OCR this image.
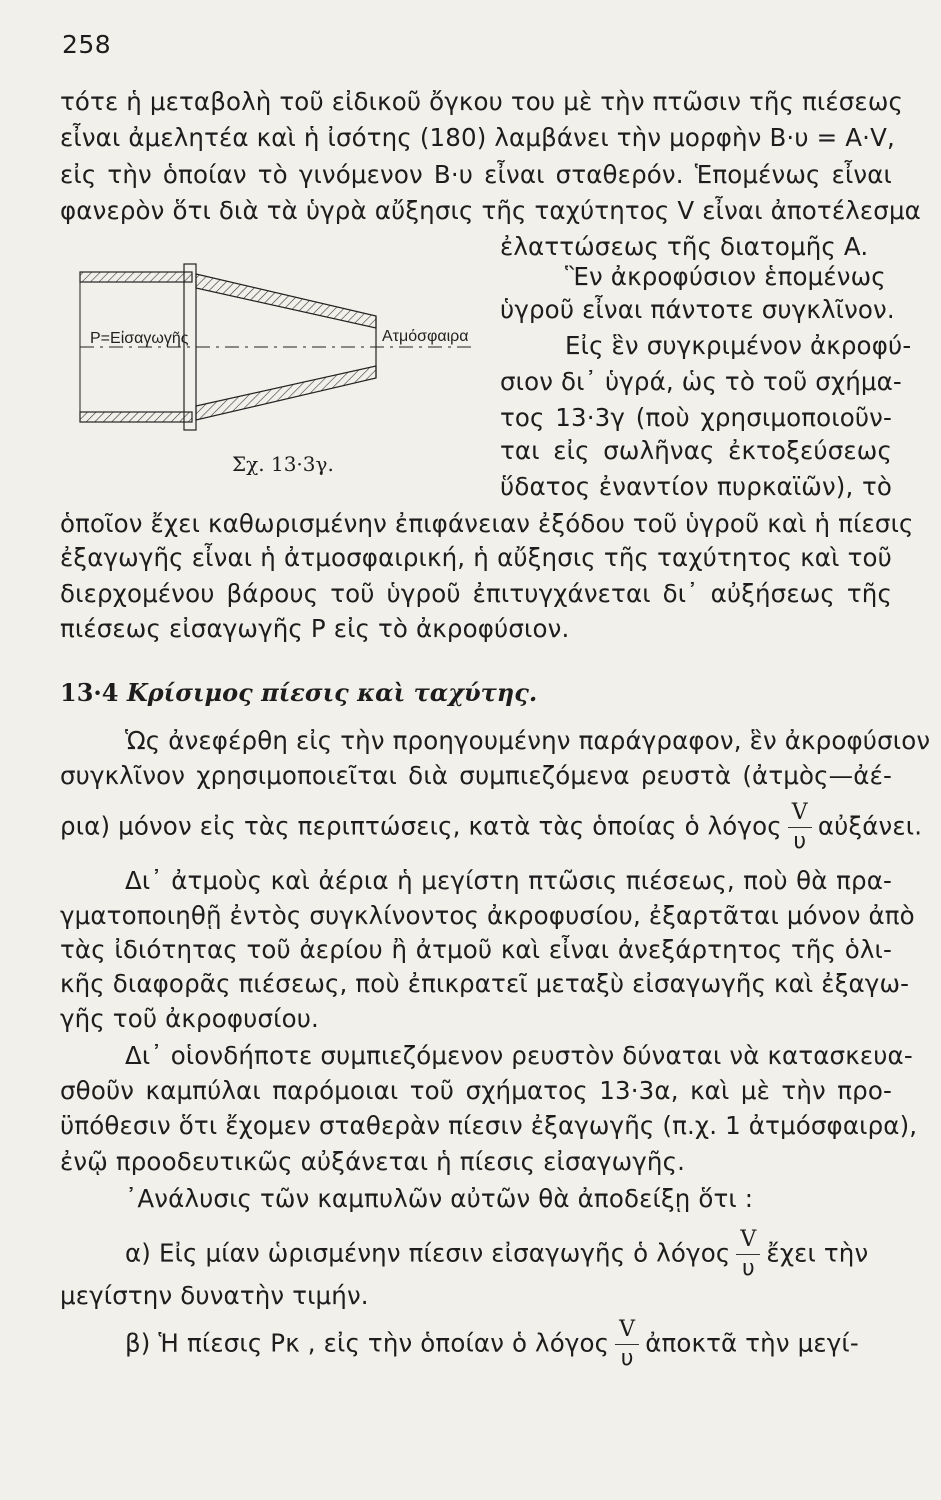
258
τότε ἡ μεταβολὴ τοῦ εἰδικοῦ ὄγκου του μὲ τὴν πτῶσιν τῆς πιέσεως
εἶναι ἀμελητέα καὶ ἡ ἰσότης (180) λαμβάνει τὴν μορφὴν B·υ = A·V,
εἰς τὴν ὁποίαν τὸ γινόμενον B·υ εἶναι σταθερόν. Ἑπομένως εἶναι
φανερὸν ὅτι διὰ τὰ ὑγρὰ αὔξησις τῆς ταχύτητος V εἶναι ἀποτέλεσμα
ἐλαττώσεως τῆς διατομῆς A.
Ἓν ἀκροφύσιον ἑπομένως
ὑγροῦ εἶναι πάντοτε συγκλῖνον.
Εἰς ἓν συγκριμένον ἀκροφύ-
σιον δι᾽ ὑγρά, ὡς τὸ τοῦ σχήμα-
τος 13·3γ (ποὺ χρησιμοποιοῦν-
ται εἰς σωλῆνας ἐκτοξεύσεως
ὕδατος ἐναντίον πυρκαϊῶν), τὸ
P=Εἰσαγωγῆς	Ατμόσφαιρα
Σχ. 13·3γ.
ὁποῖον ἔχει καθωρισμένην ἐπιφάνειαν ἐξόδου τοῦ ὑγροῦ καὶ ἡ πίεσις
ἐξαγωγῆς εἶναι ἡ ἀτμοσφαιρική, ἡ αὔξησις τῆς ταχύτητος καὶ τοῦ
διερχομένου βάρους τοῦ ὑγροῦ ἐπιτυγχάνεται δι᾽ αὐξήσεως τῆς
πιέσεως εἰσαγωγῆς P εἰς τὸ ἀκροφύσιον.
13·4 Κρίσιμος πίεσις καὶ ταχύτης.
Ὡς ἀνεφέρθη εἰς τὴν προηγουμένην παράγραφον, ἓν ἀκροφύσιον
συγκλῖνον χρησιμοποιεῖται διὰ συμπιεζόμενα ρευστὰ (ἀτμὸς—ἀέ-
ρια) μόνον εἰς τὰς περιπτώσεις, κατὰ τὰς ὁποίας ὁ λόγος $\frac{V}{\upsilon}$ αὐξάνει.
Δι᾽ ἀτμοὺς καὶ ἀέρια ἡ μεγίστη πτῶσις πιέσεως, ποὺ θὰ πρα-
γματοποιηθῇ ἐντὸς συγκλίνοντος ἀκροφυσίου, ἐξαρτᾶται μόνον ἀπὸ
τὰς ἰδιότητας τοῦ ἀερίου ἢ ἀτμοῦ καὶ εἶναι ἀνεξάρτητος τῆς ὁλι-
κῆς διαφορᾶς πιέσεως, ποὺ ἐπικρατεῖ μεταξὺ εἰσαγωγῆς καὶ ἐξαγω-
γῆς τοῦ ἀκροφυσίου.
Δι᾽ οἱονδήποτε συμπιεζόμενον ρευστὸν δύναται νὰ κατασκευα-
σθοῦν καμπύλαι παρόμοιαι τοῦ σχήματος 13·3α, καὶ μὲ τὴν προ-
ϋπόθεσιν ὅτι ἔχομεν σταθερὰν πίεσιν ἐξαγωγῆς (π.χ. 1 ἀτμόσφαιρα),
ἐνῷ προοδευτικῶς αὐξάνεται ἡ πίεσις εἰσαγωγῆς.
᾿Ανάλυσις τῶν καμπυλῶν αὐτῶν θὰ ἀποδείξῃ ὅτι :
α) Εἰς μίαν ὡρισμένην πίεσιν εἰσαγωγῆς ὁ λόγος $\frac{V}{\upsilon}$ ἔχει τὴν
μεγίστην δυνατὴν τιμήν.
β) Ἡ πίεσις Pκ , εἰς τὴν ὁποίαν ὁ λόγος $\frac{V}{\upsilon}$ ἀποκτᾶ τὴν μεγί-
